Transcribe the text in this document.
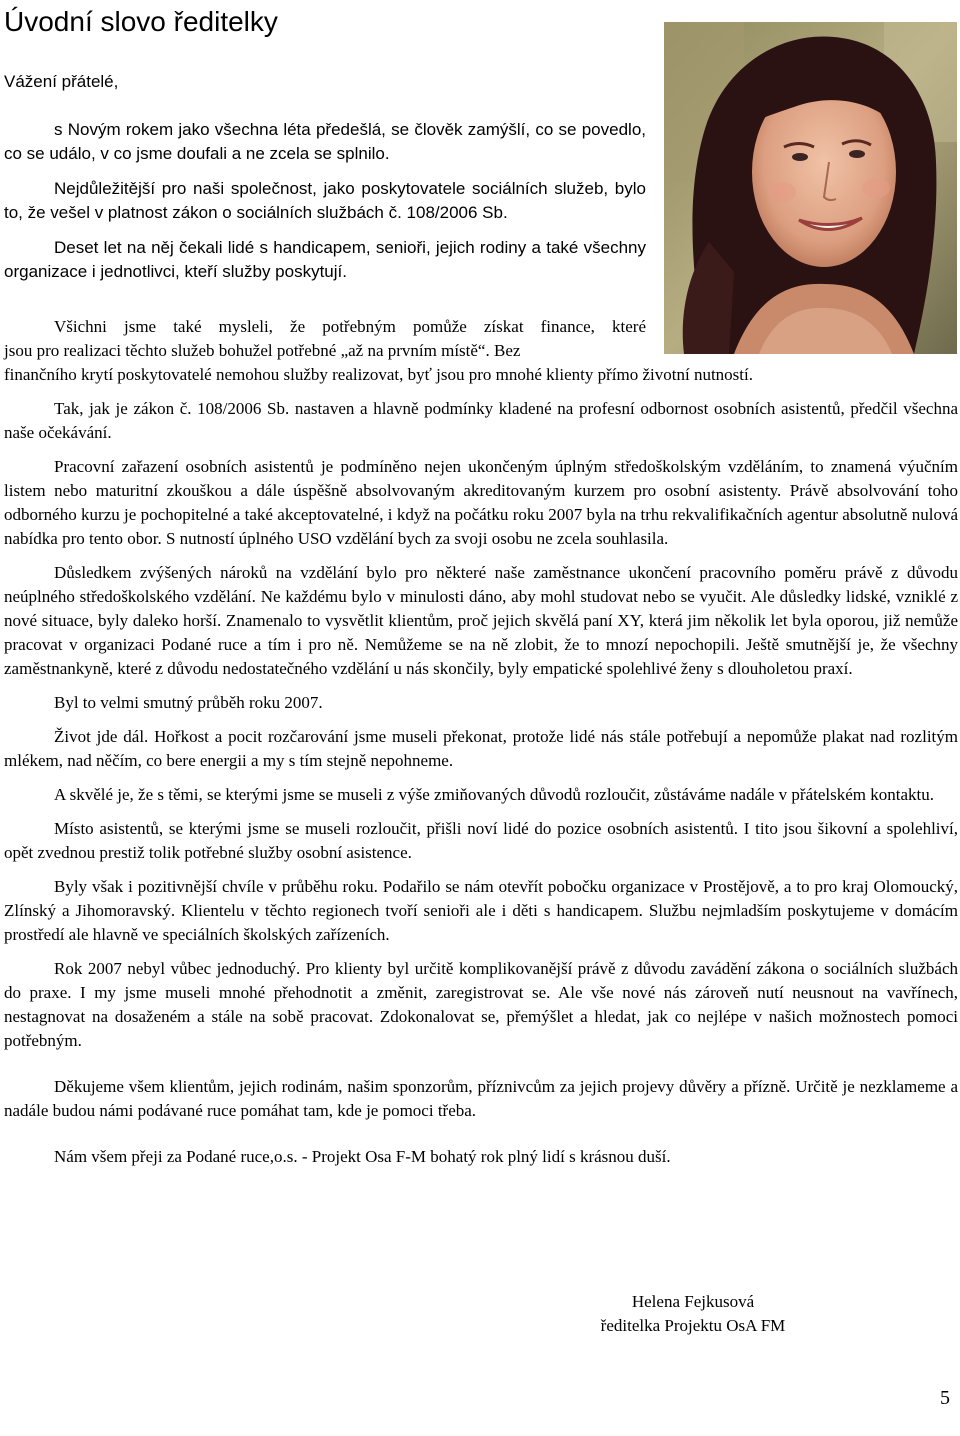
Úvodní slovo ředitelky

Vážení přátelé,

s Novým rokem jako všechna léta předešlá, se člověk zamýšlí, co se povedlo, co se událo, v co jsme doufali a ne zcela se splnilo.

Nejdůležitější pro naši společnost, jako poskytovatele sociálních služeb, bylo to, že vešel v platnost zákon o sociálních službách č. 108/2006 Sb.

Deset let na něj čekali lidé s handicapem, senioři, jejich rodiny a také všechny organizace i jednotlivci, kteří služby poskytují.

Všichni jsme také mysleli, že potřebným pomůže získat finance, které
jsou pro realizaci těchto služeb bohužel potřebné „až na prvním místě“. Bez
finančního krytí poskytovatelé nemohou služby realizovat, byť jsou pro mnohé klienty přímo životní nutností.

Tak, jak je zákon č. 108/2006 Sb. nastaven a hlavně podmínky kladené na profesní odbornost osobních asistentů, předčil všechna naše očekávání.

Pracovní zařazení osobních asistentů je podmíněno nejen ukončeným úplným středoškolským vzděláním, to znamená výučním listem nebo maturitní zkouškou a dále úspěšně absolvovaným akreditovaným kurzem pro osobní asistenty. Právě absolvování toho odborného kurzu je pochopitelné a také akceptovatelné, i když na počátku roku 2007 byla na trhu rekvalifikačních agentur absolutně nulová nabídka pro tento obor. S nutností úplného USO vzdělání bych za svoji osobu ne zcela souhlasila.

Důsledkem zvýšených nároků na vzdělání bylo pro některé naše zaměstnance ukončení pracovního poměru právě z důvodu neúplného středoškolského vzdělání. Ne každému bylo v minulosti dáno, aby mohl studovat nebo se vyučit. Ale důsledky lidské, vzniklé z nové situace, byly daleko horší. Znamenalo to vysvětlit klientům, proč jejich skvělá paní XY, která jim několik let byla oporou, již nemůže pracovat v organizaci Podané ruce a tím i pro ně. Nemůžeme se na ně zlobit, že to mnozí nepochopili. Ještě smutnější je, že všechny zaměstnankyně, které z důvodu nedostatečného vzdělání u nás skončily, byly empatické spolehlivé ženy s dlouholetou praxí.

Byl to velmi smutný průběh roku 2007.

Život jde dál. Hořkost a pocit rozčarování jsme museli překonat, protože lidé nás stále potřebují a nepomůže plakat nad rozlitým mlékem, nad něčím, co bere energii a my s tím stejně nepohneme.

A skvělé je, že s těmi, se kterými jsme se museli z výše zmiňovaných důvodů rozloučit, zůstáváme nadále v přátelském kontaktu.

Místo asistentů, se kterými jsme se museli rozloučit, přišli noví lidé do pozice osobních asistentů. I tito jsou šikovní a spolehliví, opět zvednou prestiž tolik potřebné služby osobní asistence.

Byly však i pozitivnější chvíle v průběhu roku. Podařilo se nám otevřít pobočku organizace v Prostějově, a to pro kraj Olomoucký, Zlínský a Jihomoravský. Klientelu v těchto regionech tvoří senioři ale i děti s handicapem. Službu nejmladším poskytujeme v domácím prostředí ale hlavně ve speciálních školských zařízeních.

Rok 2007 nebyl vůbec jednoduchý. Pro klienty byl určitě komplikovanější právě z důvodu zavádění zákona o sociálních službách do praxe. I my jsme museli mnohé přehodnotit a změnit, zaregistrovat se. Ale vše nové nás zároveň nutí neusnout na vavřínech, nestagnovat na dosaženém a stále na sobě pracovat. Zdokonalovat se, přemýšlet a hledat, jak co nejlépe v našich možnostech pomoci potřebným.

Děkujeme všem klientům, jejich rodinám, našim sponzorům, příznivcům za jejich projevy důvěry a přízně. Určitě je nezklameme a nadále budou námi podávané ruce pomáhat tam, kde je pomoci třeba.

Nám všem přeji za Podané ruce,o.s. - Projekt Osa F-M bohatý rok plný lidí s krásnou duší.

Helena Fejkusová
ředitelka Projektu OsA FM
5
